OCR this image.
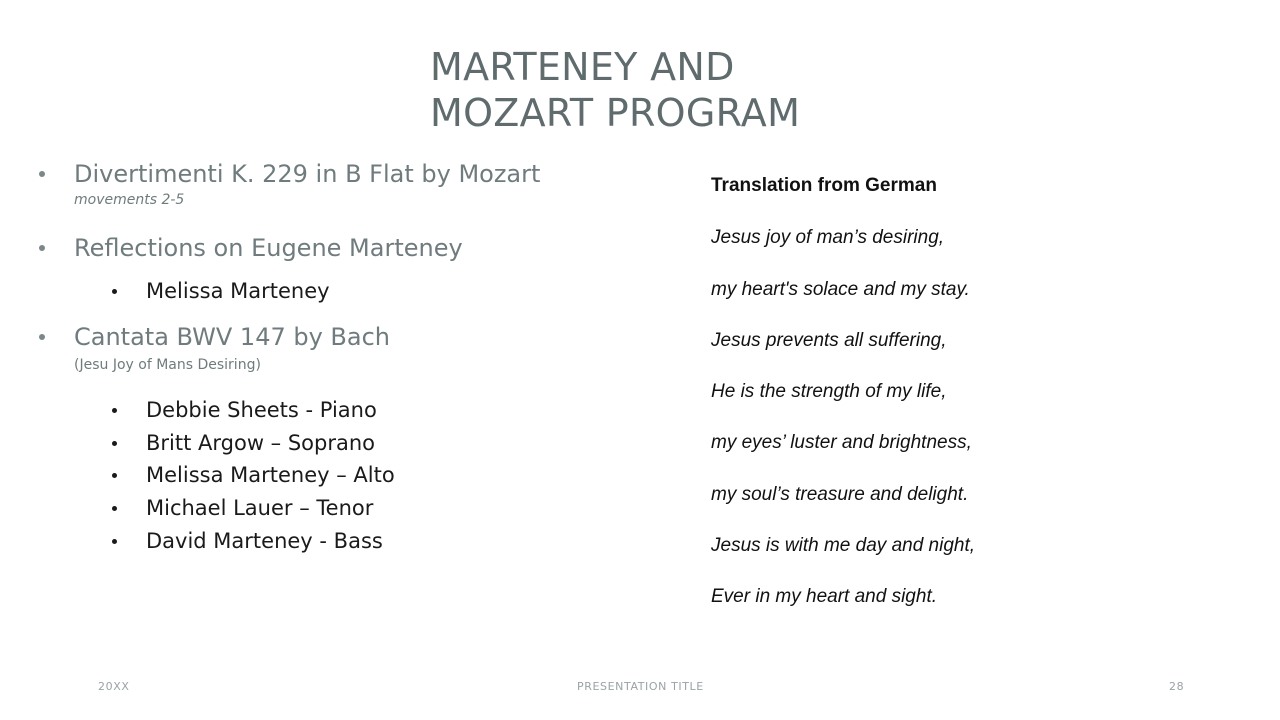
MARTENEY AND
MOZART PROGRAM
Divertimenti K. 229 in B Flat by Mozart
movements 2-5
Reflections on Eugene Marteney
Melissa Marteney
Cantata BWV 147 by Bach
(Jesu Joy of Mans Desiring)
Debbie Sheets - Piano
Britt Argow – Soprano
Melissa Marteney – Alto
Michael Lauer – Tenor
David Marteney - Bass
Translation from German
Jesus joy of man’s desiring,
my heart's solace and my stay.
Jesus prevents all suffering,
He is the strength of my life,
my eyes’ luster and brightness,
my soul’s treasure and delight.
Jesus is with me day and night,
Ever in my heart and sight.
20XX	PRESENTATION TITLE	28
